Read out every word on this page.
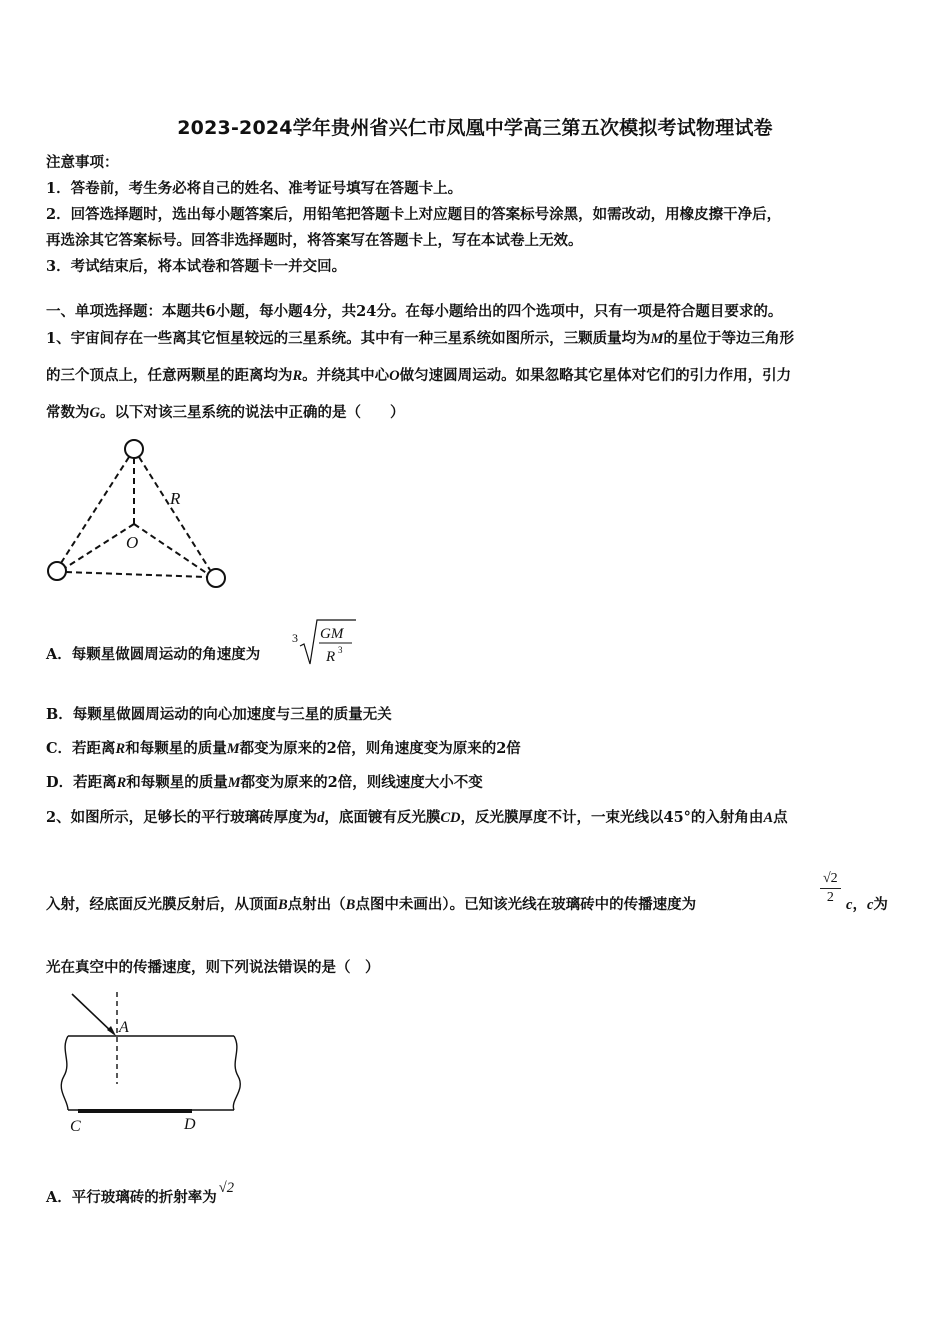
2023-2024学年贵州省兴仁市凤凰中学高三第五次模拟考试物理试卷
注意事项：
1．答卷前，考生务必将自己的姓名、准考证号填写在答题卡上。
2．回答选择题时，选出每小题答案后，用铅笔把答题卡上对应题目的答案标号涂黑，如需改动，用橡皮擦干净后，
再选涂其它答案标号。回答非选择题时，将答案写在答题卡上，写在本试卷上无效。
3．考试结束后，将本试卷和答题卡一并交回。
一、单项选择题：本题共6小题，每小题4分，共24分。在每小题给出的四个选项中，只有一项是符合题目要求的。
1、宇宙间存在一些离其它恒星较远的三星系统。其中有一种三星系统如图所示，三颗质量均为M的星位于等边三角形
的三个顶点上，任意两颗星的距离均为R。并绕其中心O做匀速圆周运动。如果忽略其它星体对它们的引力作用，引力
常数为G。以下对该三星系统的说法中正确的是（　　）
R
O
A．每颗星做圆周运动的角速度为
3 GM
R 3
B．每颗星做圆周运动的向心加速度与三星的质量无关
C．若距离R和每颗星的质量M都变为原来的2倍，则角速度变为原来的2倍
D．若距离R和每颗星的质量M都变为原来的2倍，则线速度大小不变
2、如图所示，足够长的平行玻璃砖厚度为d，底面镀有反光膜CD，反光膜厚度不计，一束光线以45°的入射角由A点
入射，经底面反光膜反射后，从顶面B点射出（B点图中未画出）。已知该光线在玻璃砖中的传播速度为	$\frac{√2}{2}$ c，c为
光在真空中的传播速度，则下列说法错误的是（　）
A
C	D
A．平行玻璃砖的折射率为√2
